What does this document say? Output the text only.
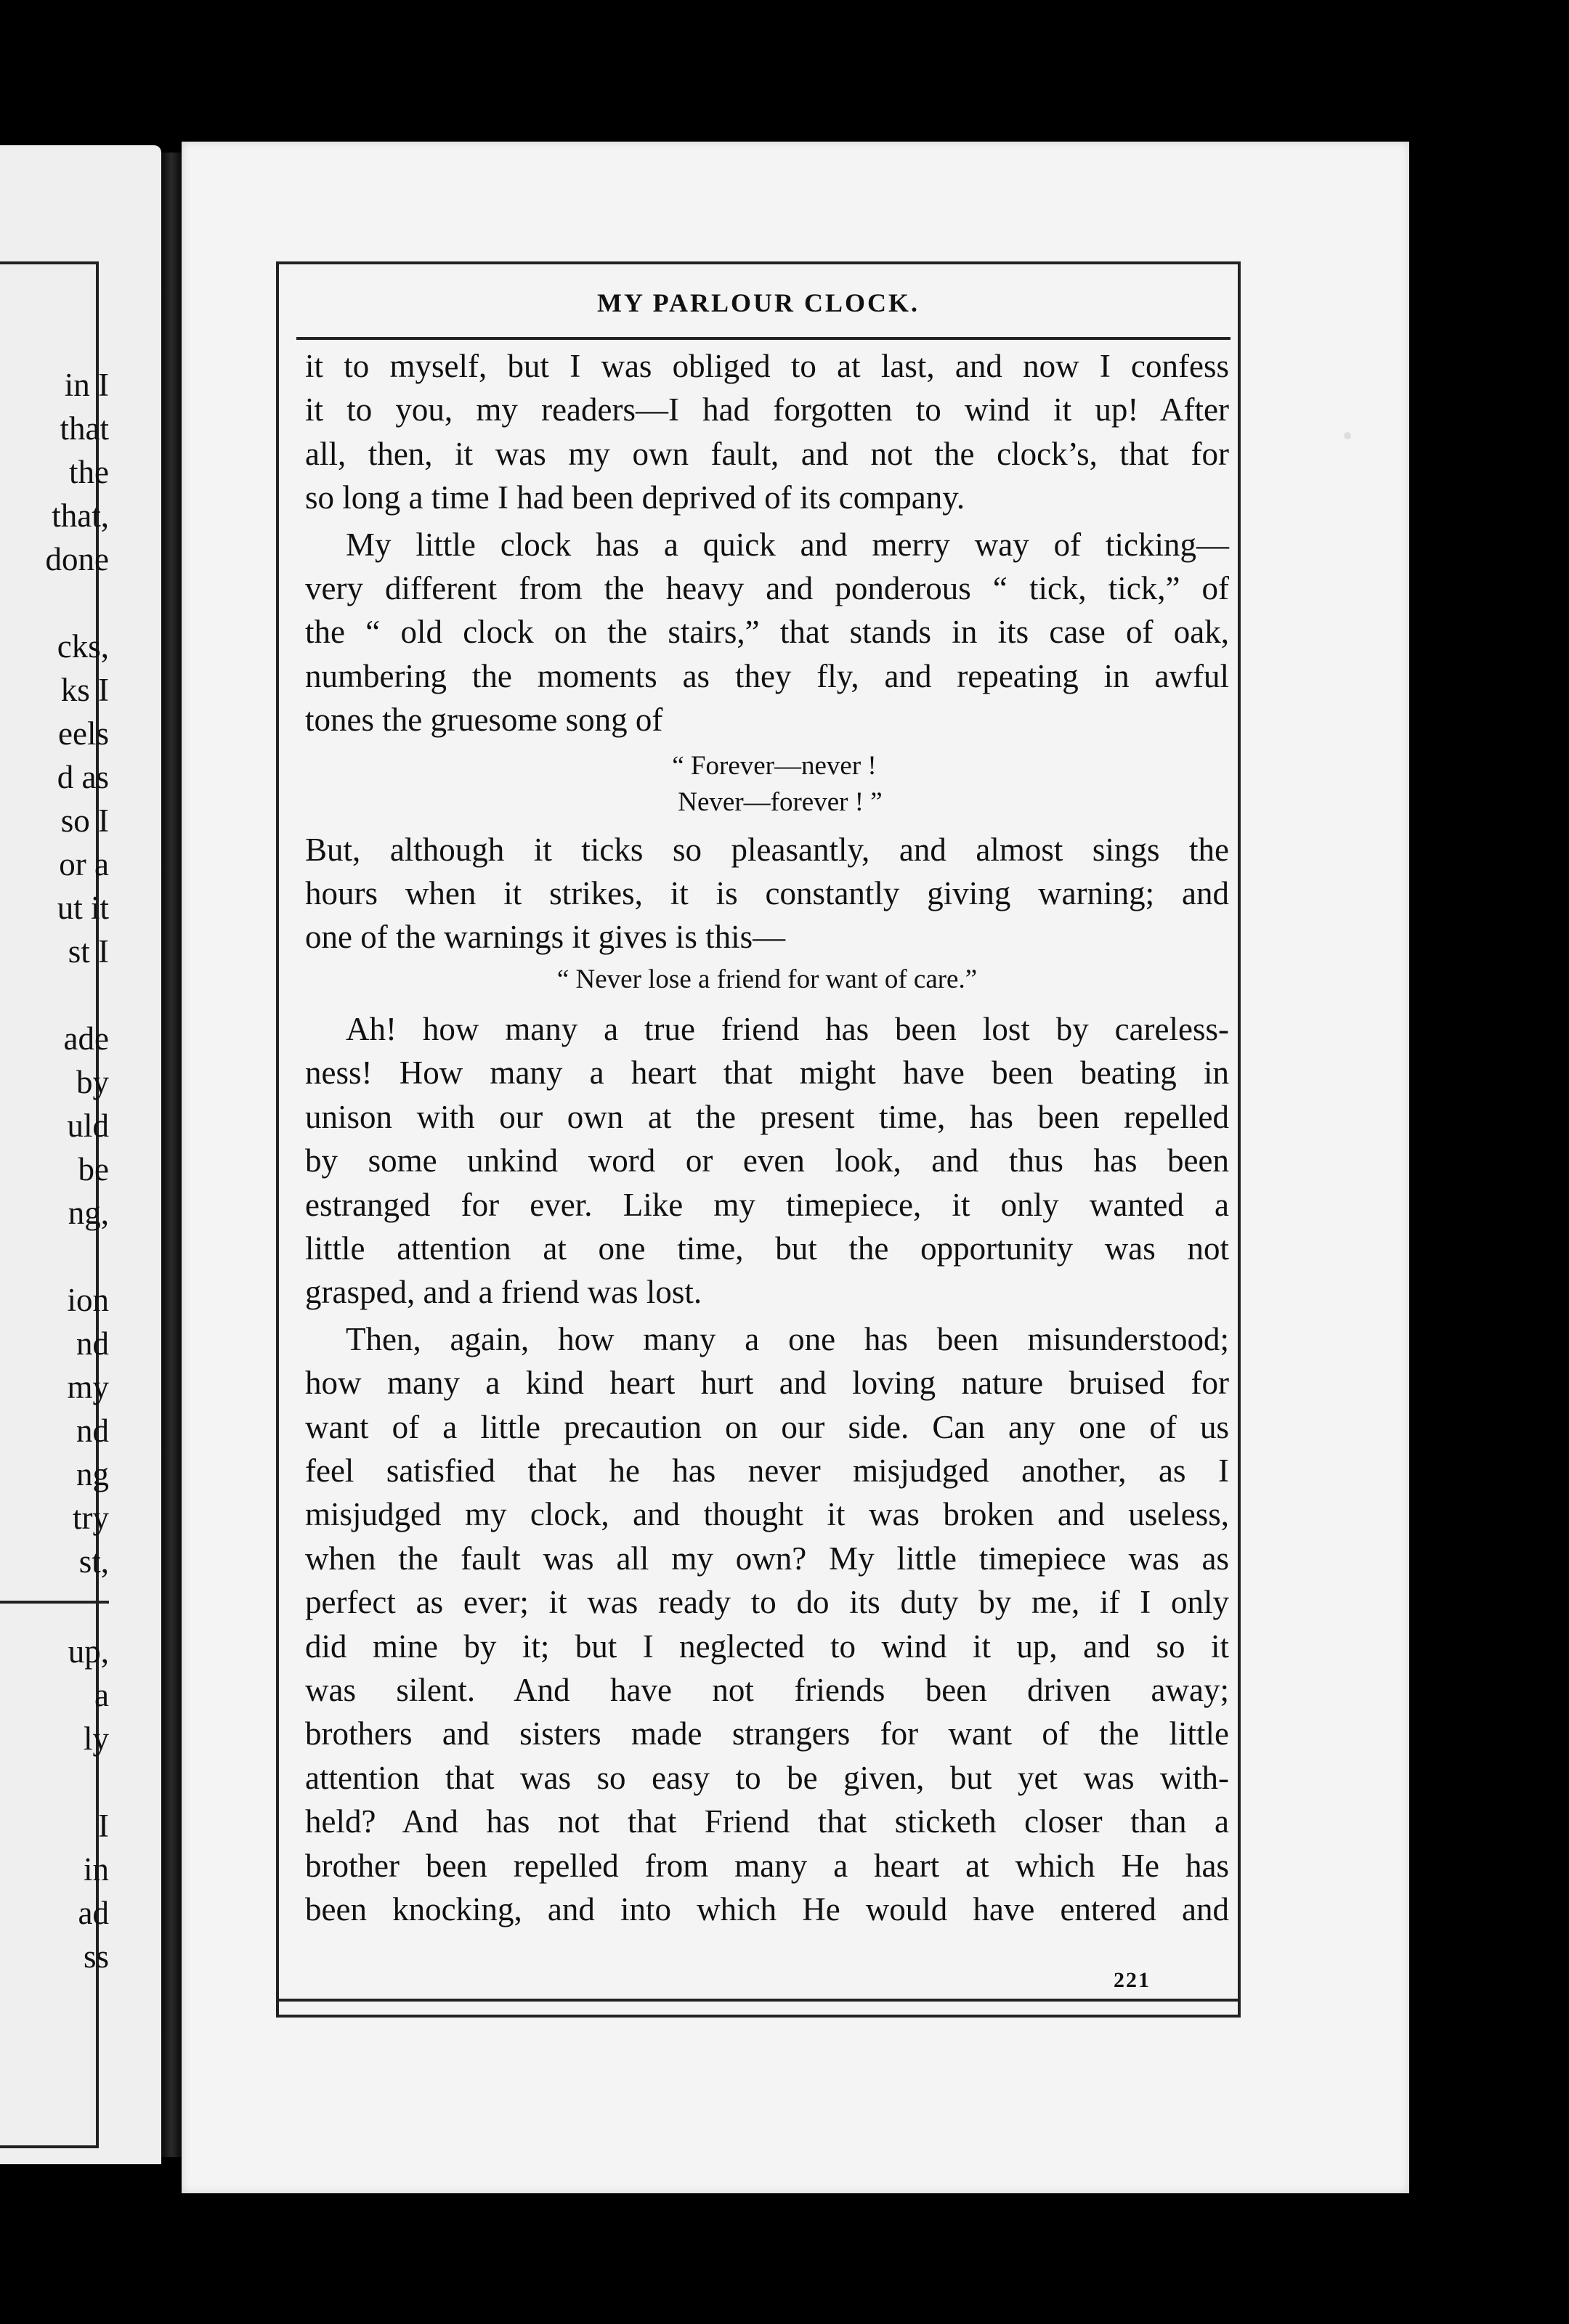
in I
that
the
that,
done
cks,
ks I
eels
d as
so I
or a
ut it
st I
ade
by
uld
be
ng,
ion
nd
my
nd
ng
try
st,
up,
a
ly
I
in
ad
ss
MY PARLOUR CLOCK.

it to myself, but I was obliged to at last, and now I confess
it to you, my readers—I had forgotten to wind it up! After
all, then, it was my own fault, and not the clock’s, that for
so long a time I had been deprived of its company.

My little clock has a quick and merry way of ticking—
very different from the heavy and ponderous “ tick, tick,” of
the “ old clock on the stairs,” that stands in its case of oak,
numbering the moments as they fly, and repeating in awful
tones the gruesome song of

“ Forever—never !
Never—forever ! ”

But, although it ticks so pleasantly, and almost sings the
hours when it strikes, it is constantly giving warning; and
one of the warnings it gives is this—

“ Never lose a friend for want of care.”

Ah! how many a true friend has been lost by careless-
ness! How many a heart that might have been beating in
unison with our own at the present time, has been repelled
by some unkind word or even look, and thus has been
estranged for ever. Like my timepiece, it only wanted a
little attention at one time, but the opportunity was not
grasped, and a friend was lost.

Then, again, how many a one has been misunderstood;
how many a kind heart hurt and loving nature bruised for
want of a little precaution on our side. Can any one of us
feel satisfied that he has never misjudged another, as I
misjudged my clock, and thought it was broken and useless,
when the fault was all my own? My little timepiece was as
perfect as ever; it was ready to do its duty by me, if I only
did mine by it; but I neglected to wind it up, and so it
was silent. And have not friends been driven away;
brothers and sisters made strangers for want of the little
attention that was so easy to be given, but yet was with-
held? And has not that Friend that sticketh closer than a
brother been repelled from many a heart at which He has
been knocking, and into which He would have entered and

221
